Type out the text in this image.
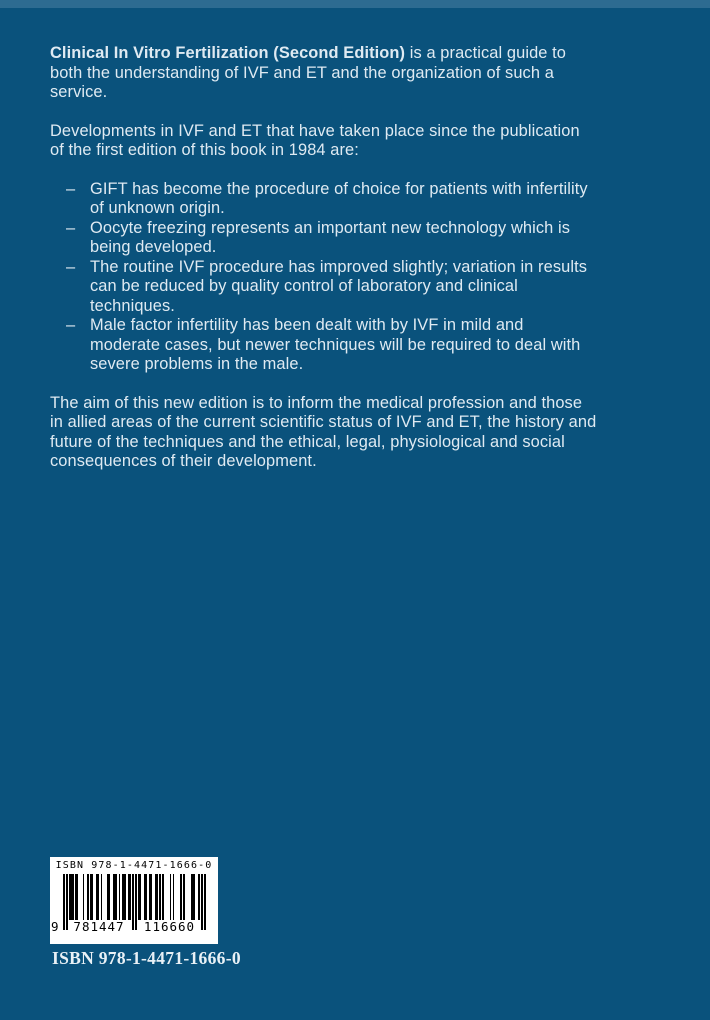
Clinical In Vitro Fertilization (Second Edition) is a practical guide to both the understanding of IVF and ET and the organization of such a service.

Developments in IVF and ET that have taken place since the publication of the first edition of this book in 1984 are:

– GIFT has become the procedure of choice for patients with infertility of unknown origin.
– Oocyte freezing represents an important new technology which is being developed.
– The routine IVF procedure has improved slightly; variation in results can be reduced by quality control of laboratory and clinical techniques.
– Male factor infertility has been dealt with by IVF in mild and moderate cases, but newer techniques will be required to deal with severe problems in the male.

The aim of this new edition is to inform the medical profession and those in allied areas of the current scientific status of IVF and ET, the history and future of the techniques and the ethical, legal, physiological and social consequences of their development.

ISBN 978-1-4471-1666-0
9	781447	116660
ISBN 978-1-4471-1666-0
